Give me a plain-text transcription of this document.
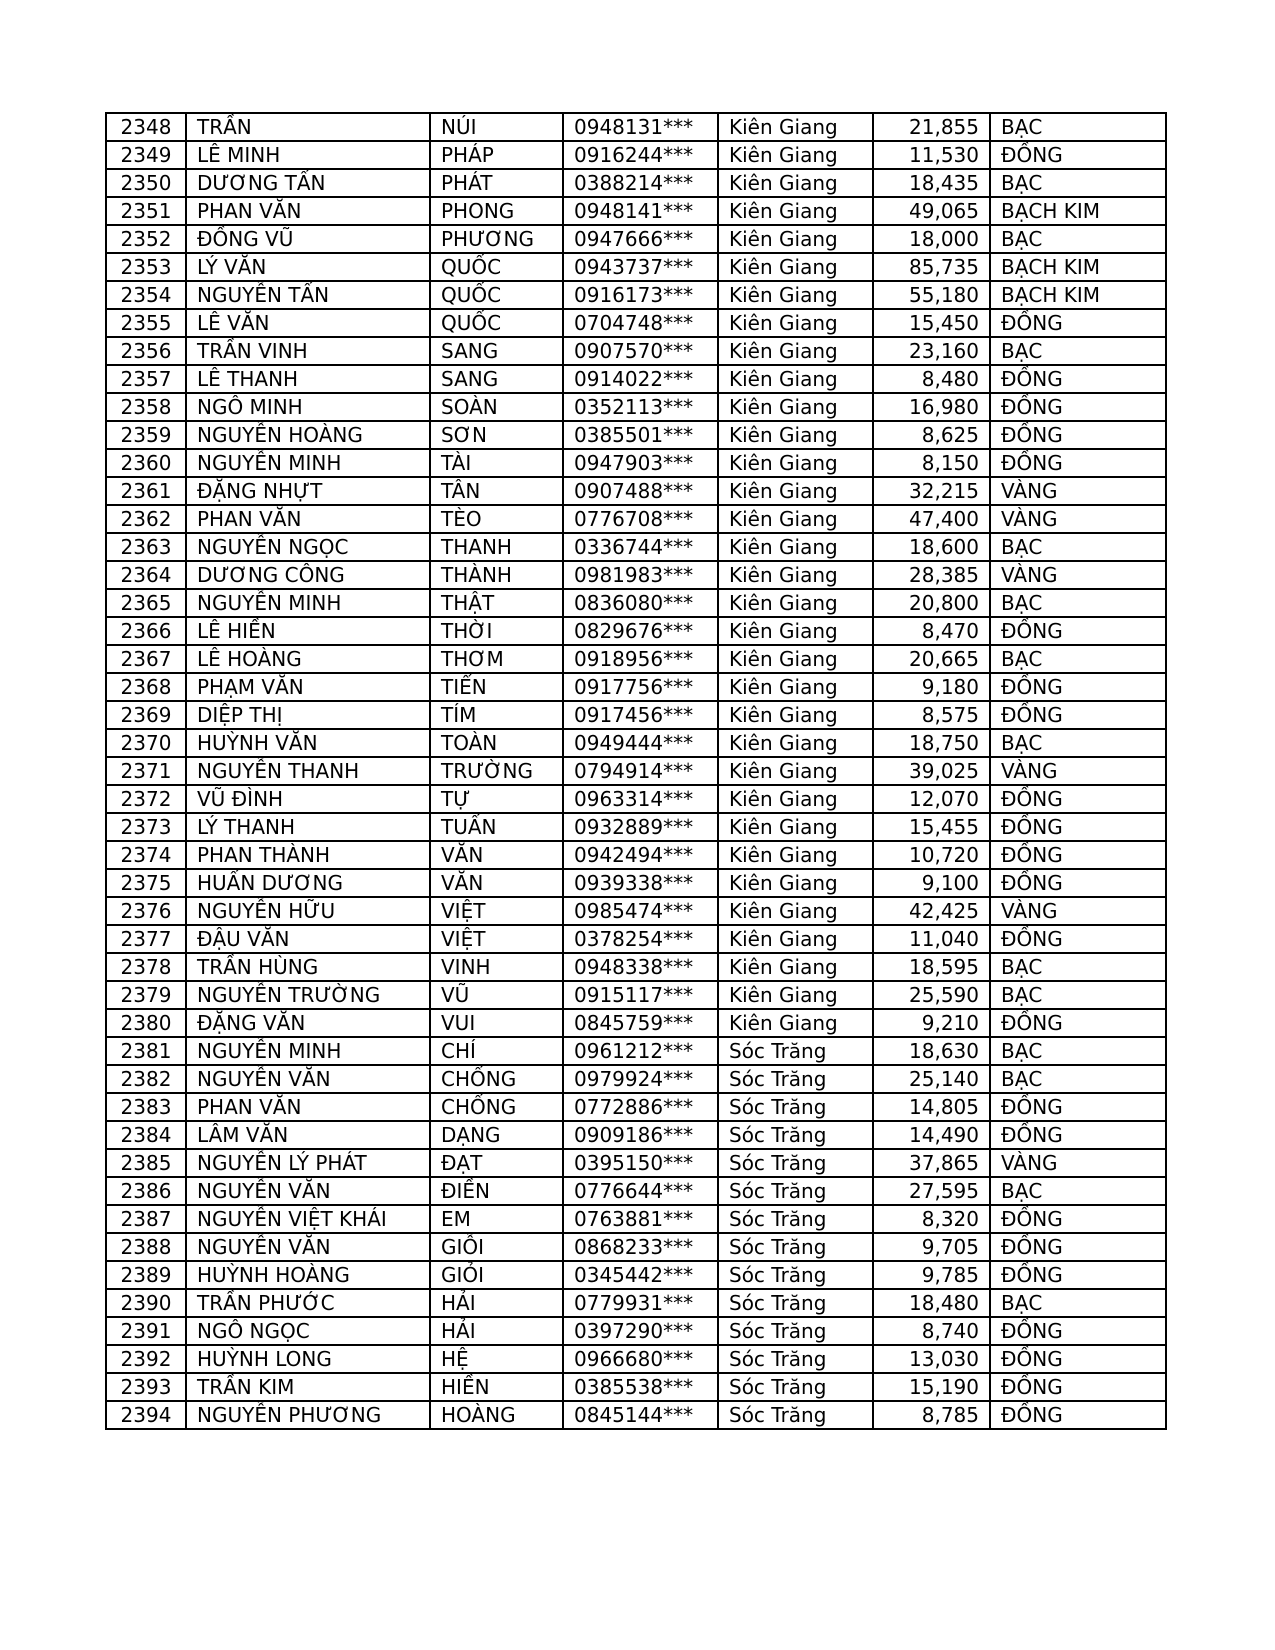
2348	TRẦN	NÚI	0948131***	Kiên Giang	21,855	BẠC
2349	LÊ MINH	PHÁP	0916244***	Kiên Giang	11,530	ĐỒNG
2350	DƯƠNG TẤN	PHÁT	0388214***	Kiên Giang	18,435	BẠC
2351	PHAN VĂN	PHONG	0948141***	Kiên Giang	49,065	BẠCH KIM
2352	ĐỒNG VŨ	PHƯƠNG	0947666***	Kiên Giang	18,000	BẠC
2353	LÝ VĂN	QUỐC	0943737***	Kiên Giang	85,735	BẠCH KIM
2354	NGUYỄN TẤN	QUỐC	0916173***	Kiên Giang	55,180	BẠCH KIM
2355	LÊ VĂN	QUỐC	0704748***	Kiên Giang	15,450	ĐỒNG
2356	TRẦN VINH	SANG	0907570***	Kiên Giang	23,160	BẠC
2357	LÊ THANH	SANG	0914022***	Kiên Giang	8,480	ĐỒNG
2358	NGÔ MINH	SOÀN	0352113***	Kiên Giang	16,980	ĐỒNG
2359	NGUYỄN HOÀNG	SƠN	0385501***	Kiên Giang	8,625	ĐỒNG
2360	NGUYỄN MINH	TÀI	0947903***	Kiên Giang	8,150	ĐỒNG
2361	ĐẶNG NHỰT	TÂN	0907488***	Kiên Giang	32,215	VÀNG
2362	PHAN VĂN	TÈO	0776708***	Kiên Giang	47,400	VÀNG
2363	NGUYỄN NGỌC	THANH	0336744***	Kiên Giang	18,600	BẠC
2364	DƯƠNG CÔNG	THÀNH	0981983***	Kiên Giang	28,385	VÀNG
2365	NGUYỄN MINH	THẬT	0836080***	Kiên Giang	20,800	BẠC
2366	LÊ HIỀN	THỜI	0829676***	Kiên Giang	8,470	ĐỒNG
2367	LÊ HOÀNG	THƠM	0918956***	Kiên Giang	20,665	BẠC
2368	PHẠM VĂN	TIỂN	0917756***	Kiên Giang	9,180	ĐỒNG
2369	DIỆP THỊ	TÍM	0917456***	Kiên Giang	8,575	ĐỒNG
2370	HUỲNH VĂN	TOÀN	0949444***	Kiên Giang	18,750	BẠC
2371	NGUYỄN THANH	TRƯỜNG	0794914***	Kiên Giang	39,025	VÀNG
2372	VŨ ĐÌNH	TỰ	0963314***	Kiên Giang	12,070	ĐỒNG
2373	LÝ THANH	TUẤN	0932889***	Kiên Giang	15,455	ĐỒNG
2374	PHAN THÀNH	VĂN	0942494***	Kiên Giang	10,720	ĐỒNG
2375	HUẤN DƯƠNG	VĂN	0939338***	Kiên Giang	9,100	ĐỒNG
2376	NGUYỄN HỮU	VIỆT	0985474***	Kiên Giang	42,425	VÀNG
2377	ĐẬU VĂN	VIỆT	0378254***	Kiên Giang	11,040	ĐỒNG
2378	TRẦN HÙNG	VINH	0948338***	Kiên Giang	18,595	BẠC
2379	NGUYỄN TRƯỜNG	VŨ	0915117***	Kiên Giang	25,590	BẠC
2380	ĐẶNG VĂN	VUI	0845759***	Kiên Giang	9,210	ĐỒNG
2381	NGUYỄN MINH	CHÍ	0961212***	Sóc Trăng	18,630	BẠC
2382	NGUYỄN VĂN	CHỐNG	0979924***	Sóc Trăng	25,140	BẠC
2383	PHAN VĂN	CHỐNG	0772886***	Sóc Trăng	14,805	ĐỒNG
2384	LÂM VĂN	DẠNG	0909186***	Sóc Trăng	14,490	ĐỒNG
2385	NGUYỄN LÝ PHÁT	ĐẠT	0395150***	Sóc Trăng	37,865	VÀNG
2386	NGUYỄN VĂN	ĐIỀN	0776644***	Sóc Trăng	27,595	BẠC
2387	NGUYỄN VIỆT KHÁI	EM	0763881***	Sóc Trăng	8,320	ĐỒNG
2388	NGUYỄN VĂN	GIỖI	0868233***	Sóc Trăng	9,705	ĐỒNG
2389	HUỲNH HOÀNG	GIỎI	0345442***	Sóc Trăng	9,785	ĐỒNG
2390	TRẦN PHƯỚC	HẢI	0779931***	Sóc Trăng	18,480	BẠC
2391	NGÔ NGỌC	HẢI	0397290***	Sóc Trăng	8,740	ĐỒNG
2392	HUỲNH LONG	HỆ	0966680***	Sóc Trăng	13,030	ĐỒNG
2393	TRẦN KIM	HIỀN	0385538***	Sóc Trăng	15,190	ĐỒNG
2394	NGUYỄN PHƯƠNG	HOÀNG	0845144***	Sóc Trăng	8,785	ĐỒNG
